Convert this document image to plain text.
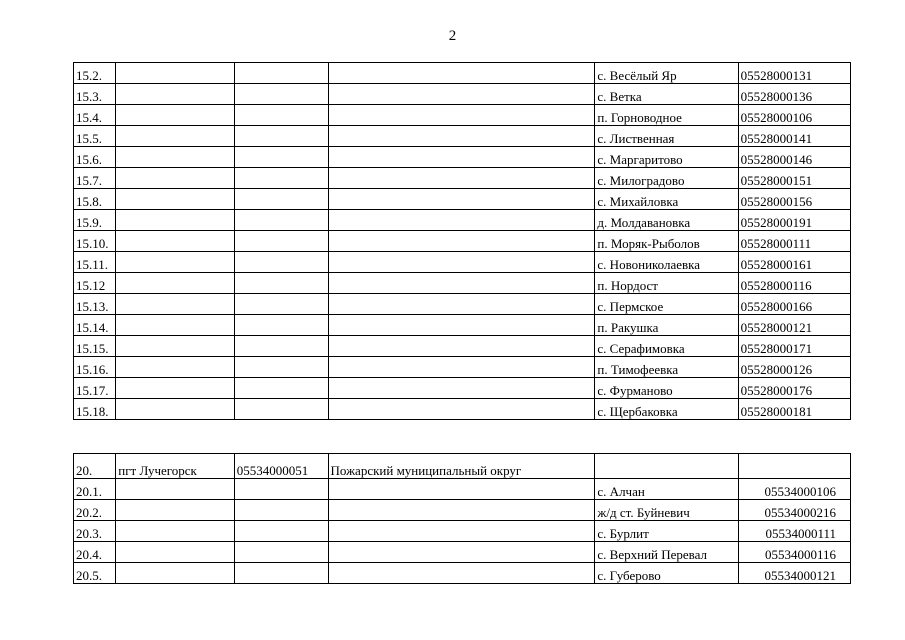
2
15.2.				с. Весёлый Яр	05528000131
15.3.				с. Ветка	05528000136
15.4.				п. Горноводное	05528000106
15.5.				с. Лиственная	05528000141
15.6.				с. Маргаритово	05528000146
15.7.				с. Милоградово	05528000151
15.8.				с. Михайловка	05528000156
15.9.				д. Молдавановка	05528000191
15.10.				п. Моряк-Рыболов	05528000111
15.11.				с. Новониколаевка	05528000161
15.12				п. Нордост	05528000116
15.13.				с. Пермское	05528000166
15.14.				п. Ракушка	05528000121
15.15.				с. Серафимовка	05528000171
15.16.				п. Тимофеевка	05528000126
15.17.				с. Фурманово	05528000176
15.18.				с. Щербаковка	05528000181
20.	пгт Лучегорск	05534000051	Пожарский муниципальный округ		
20.1.				с. Алчан	05534000106
20.2.				ж/д ст. Буйневич	05534000216
20.3.				с. Бурлит	05534000111
20.4.				с. Верхний Перевал	05534000116
20.5.				с. Губерово	05534000121
